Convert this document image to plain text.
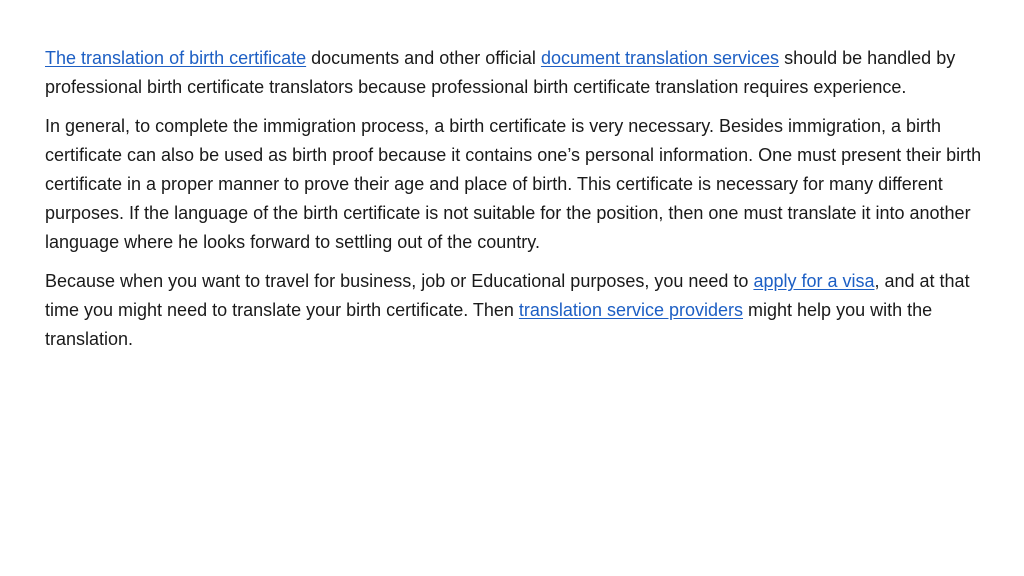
The translation of birth certificate documents and other official document translation services should be handled by professional birth certificate translators because professional birth certificate translation requires experience.

In general, to complete the immigration process, a birth certificate is very necessary. Besides immigration, a birth certificate can also be used as birth proof because it contains one’s personal information. One must present their birth certificate in a proper manner to prove their age and place of birth. This certificate is necessary for many different purposes. If the language of the birth certificate is not suitable for the position, then one must translate it into another language where he looks forward to settling out of the country.

Because when you want to travel for business, job or Educational purposes, you need to apply for a visa, and at that time you might need to translate your birth certificate. Then translation service providers might help you with the translation.
